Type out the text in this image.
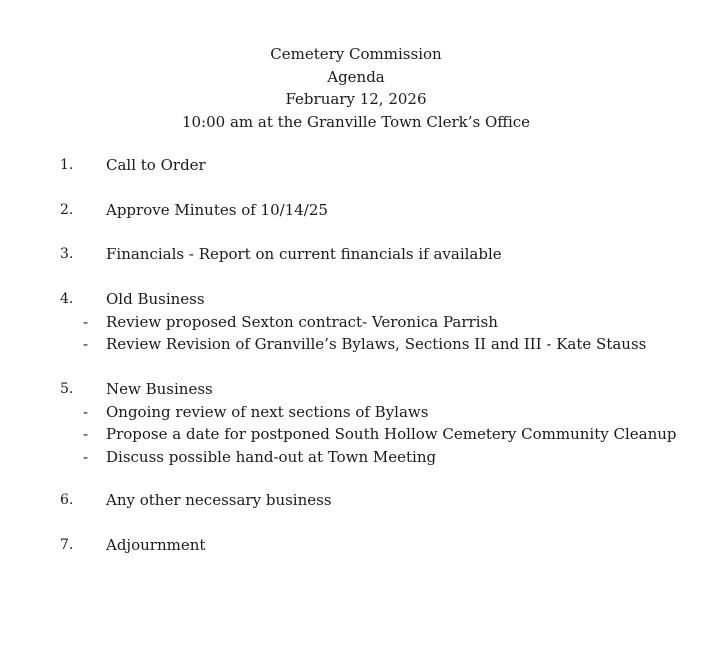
Cemetery Commission
Agenda
February 12, 2026
10:00 am at the Granville Town Clerk’s Office
1. Call to Order
2. Approve Minutes of 10/14/25
3. Financials - Report on current financials if available
4. Old Business
- Review proposed Sexton contract- Veronica Parrish
- Review Revision of Granville’s Bylaws, Sections II and III - Kate Stauss
5. New Business
- Ongoing review of next sections of Bylaws
- Propose a date for postponed South Hollow Cemetery Community Cleanup
- Discuss possible hand-out at Town Meeting
6. Any other necessary business
7. Adjournment
